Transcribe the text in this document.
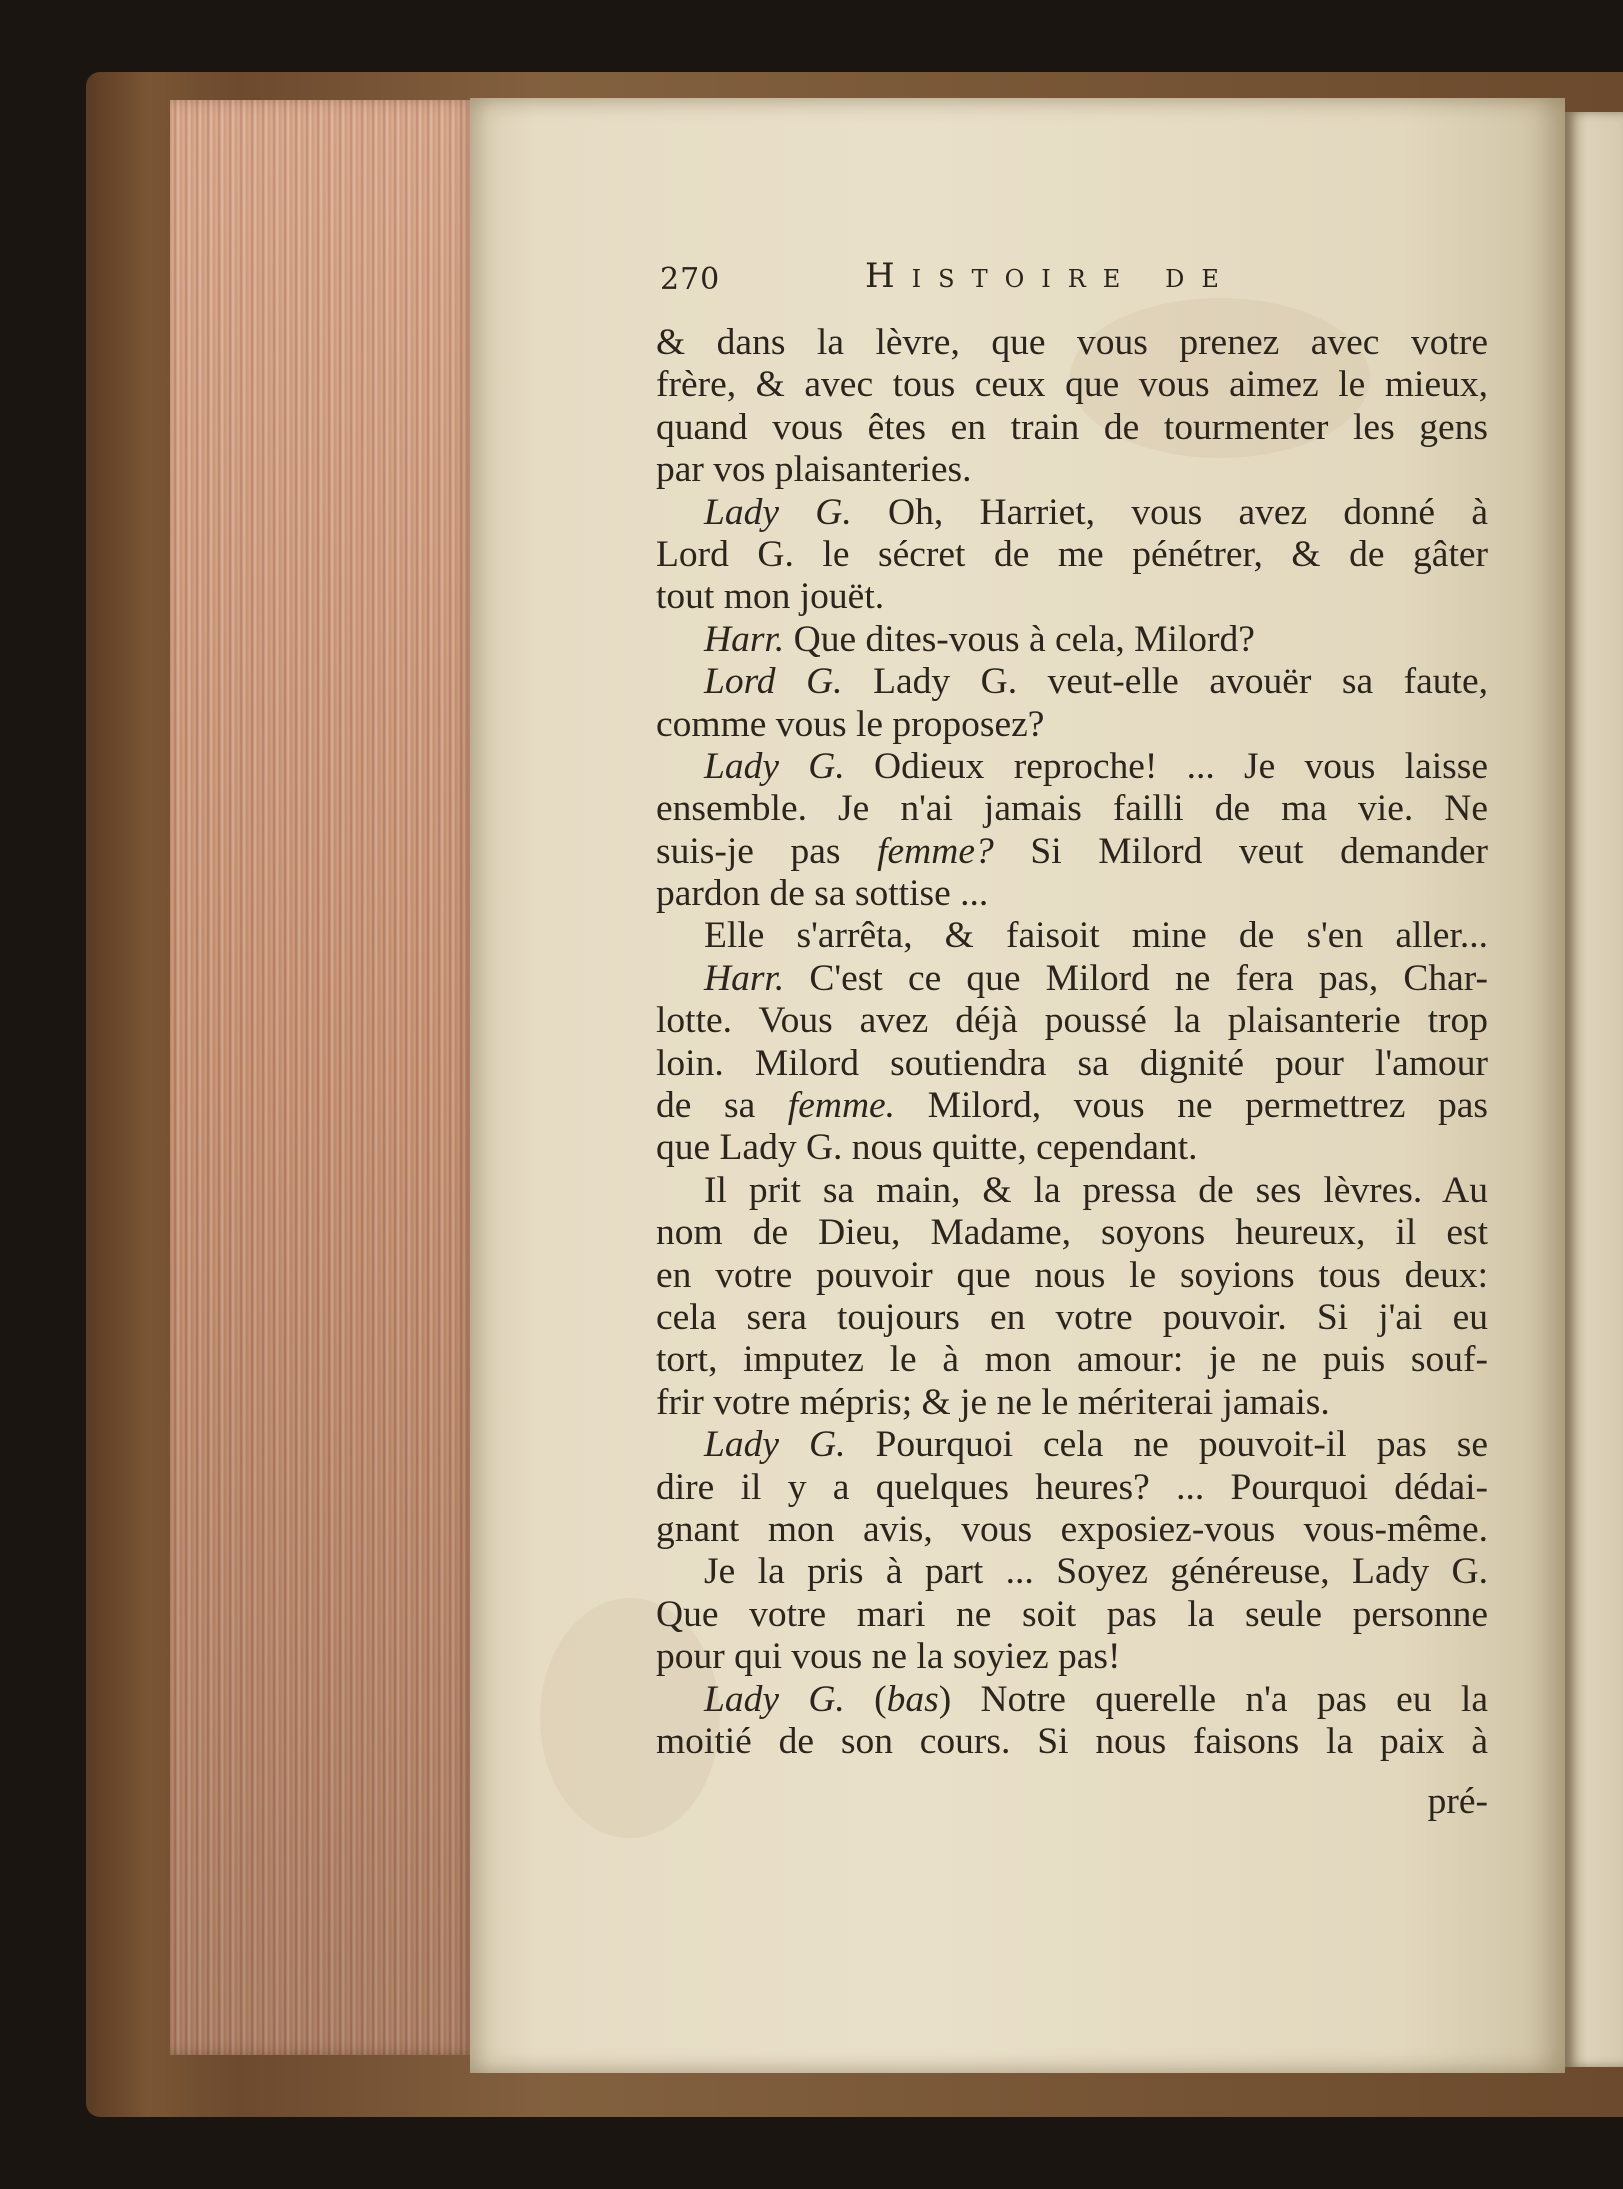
270	Histoire de
& dans la lèvre, que vous prenez avec votre
frère, & avec tous ceux que vous aimez le mieux,
quand vous êtes en train de tourmenter les gens
par vos plaisanteries.
Lady G. Oh, Harriet, vous avez donné à
Lord G. le sécret de me pénétrer, & de gâter
tout mon jouët.
Harr. Que dites-vous à cela, Milord?
Lord G. Lady G. veut-elle avouër sa faute,
comme vous le proposez?
Lady G. Odieux reproche! ... Je vous laisse
ensemble. Je n'ai jamais failli de ma vie. Ne
suis-je pas femme? Si Milord veut demander
pardon de sa sottise ...
Elle s'arrêta, & faisoit mine de s'en aller...
Harr. C'est ce que Milord ne fera pas, Char-
lotte. Vous avez déjà poussé la plaisanterie trop
loin. Milord soutiendra sa dignité pour l'amour
de sa femme. Milord, vous ne permettrez pas
que Lady G. nous quitte, cependant.
Il prit sa main, & la pressa de ses lèvres. Au
nom de Dieu, Madame, soyons heureux, il est
en votre pouvoir que nous le soyions tous deux:
cela sera toujours en votre pouvoir. Si j'ai eu
tort, imputez le à mon amour: je ne puis souf-
frir votre mépris; & je ne le mériterai jamais.
Lady G. Pourquoi cela ne pouvoit-il pas se
dire il y a quelques heures? ... Pourquoi dédai-
gnant mon avis, vous exposiez-vous vous-même.
Je la pris à part ... Soyez généreuse, Lady G.
Que votre mari ne soit pas la seule personne
pour qui vous ne la soyiez pas!
Lady G. (bas) Notre querelle n'a pas eu la
moitié de son cours. Si nous faisons la paix à
pré-
